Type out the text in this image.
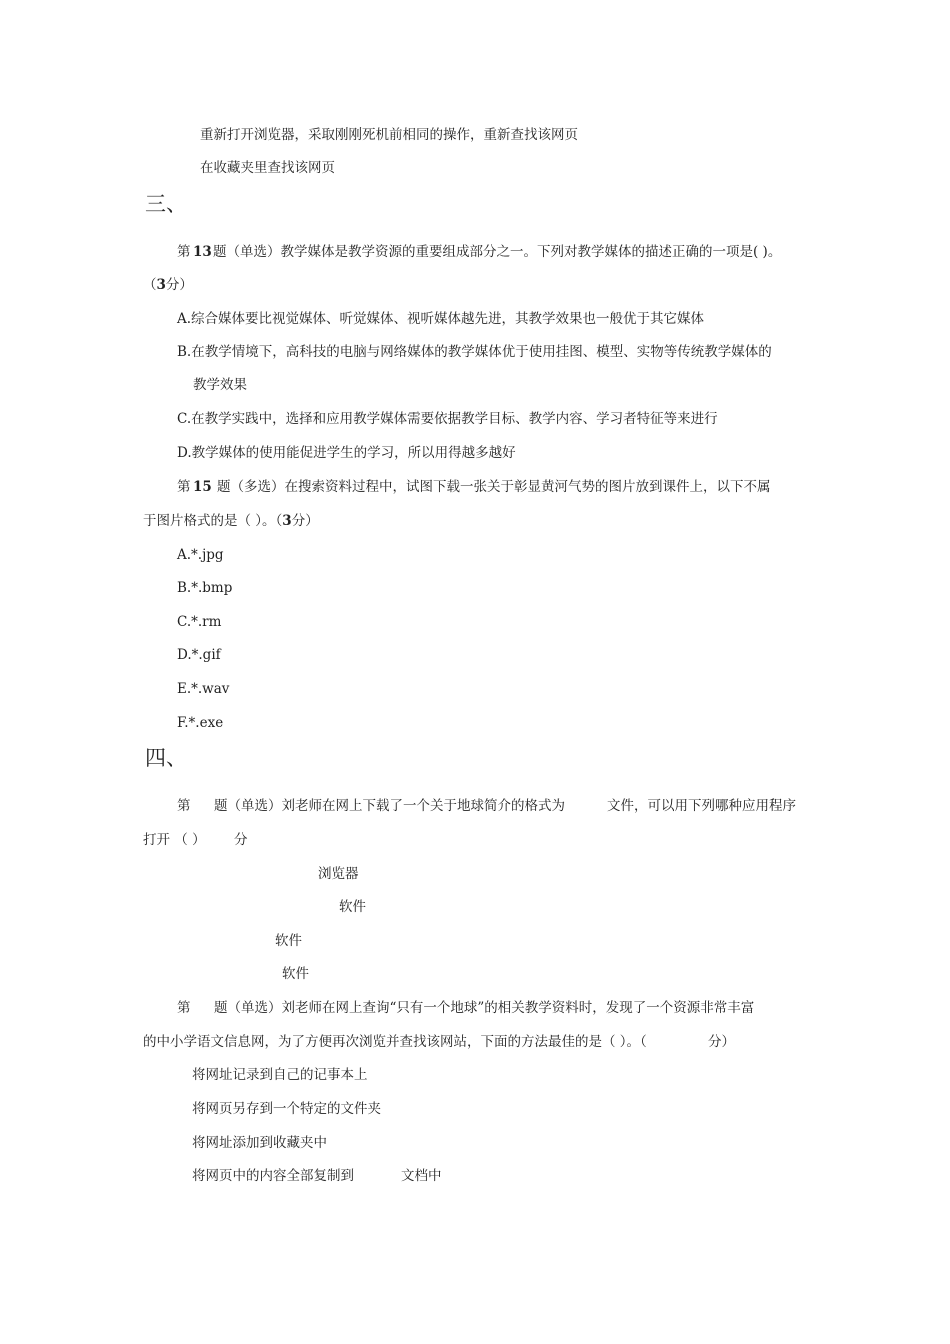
重新打开浏览器，采取刚刚死机前相同的操作，重新查找该网页
在收藏夹里查找该网页
三、
第 13 题（单选）教学媒体是教学资源的重要组成部分之一。下列对教学媒体的描述正确的一项是( )。
（3分）
A.综合媒体要比视觉媒体、听觉媒体、视听媒体越先进，其教学效果也一般优于其它媒体
B.在教学情境下，高科技的电脑与网络媒体的教学媒体优于使用挂图、模型、实物等传统教学媒体的
教学效果
C.在教学实践中，选择和应用教学媒体需要依据教学目标、教学内容、学习者特征等来进行
D.教学媒体的使用能促进学生的学习，所以用得越多越好
第 15 题（多选）在搜索资料过程中，试图下载一张关于彰显黄河气势的图片放到课件上，以下不属
于图片格式的是（ ）。（3分）
A.*.jpg
B.*.bmp
C.*.rm
D.*.gif
E.*.wav
F.*.exe
四、
第 题（单选）刘老师在网上下载了一个关于地球简介的格式为	文件，可以用下列哪种应用程序
打开 （ ） 分
浏览器
软件
软件
软件
第 题（单选）刘老师在网上查询“只有一个地球”的相关教学资料时，发现了一个资源非常丰富
的中小学语文信息网，为了方便再次浏览并查找该网站，下面的方法最佳的是（ ）。（	分）
将网址记录到自己的记事本上
将网页另存到一个特定的文件夹
将网址添加到收藏夹中
将网页中的内容全部复制到	文档中
